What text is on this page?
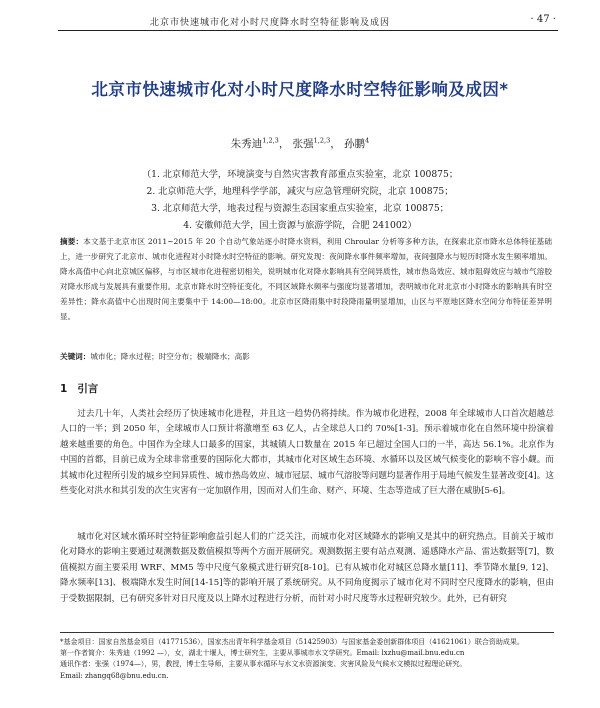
北京市快速城市化对小时尺度降水时空特征影响及成因	· 47 ·
北京市快速城市化对小时尺度降水时空特征影响及成因*
朱秀迪$^{1,2,3}$， 张强$^{1,2,3}$， 孙鹏$^4$
（1. 北京师范大学，环境演变与自然灾害教育部重点实验室，北京 100875；
2. 北京师范大学，地理科学学部，减灾与应急管理研究院，北京 100875；
3. 北京师范大学，地表过程与资源生态国家重点实验室，北京 100875；
4. 安徽师范大学，国土资源与旅游学院，合肥 241002）
摘要：本文基于北京市区 2011~2015 年 20 个自动气象站逐小时降水资料，利用 Chroular 分析等多种方法，在探索北京市降水总体特征基础上，进一步研究了北京市、城市化进程对小时降水时空特征的影响。研究发现：夜间降水事件频率增加，夜间强降水与短历时降水发生频率增加。降水高值中心向北京城区偏移，与市区城市化进程密切相关，说明城市化对降水影响具有空间异质性，城市热岛效应、城市阻碍效应与城市气溶胶对降水形成与发展具有重要作用。北京市降水时空特征变化，不同区域降水频率与强度均显著增加，表明城市化对北京市小时降水的影响具有时空差异性；降水高值中心出现时间主要集中于 14:00—18:00。北京市区降雨集中时段降雨量明显增加，山区与平原地区降水空间分布特征差异明显。
关键词：城市化；降水过程；时空分布；极端降水；高影
1 引言

过去几十年，人类社会经历了快速城市化进程，并且这一趋势仍将持续。作为城市化进程，2008 年全球城市人口首次超越总人口的一半；到 2050 年，全球城市人口预计将激增至 63 亿人，占全球总人口约 70%[1-3]。预示着城市化在自然环境中扮演着越来越重要的角色。中国作为全球人口最多的国家，其城镇人口数量在 2015 年已超过全国人口的一半，高达 56.1%。北京作为中国的首都，目前已成为全球非常重要的国际化大都市，其城市化对区域生态环境、水循环以及区域气候变化的影响不容小觑。而其城市化过程所引发的城乡空间异质性、城市热岛效应、城市冠层、城市气溶胶等问题均显著作用于局地气候发生显著改变[4]。这些变化对洪水和其引发的次生灾害有一定加剧作用，因而对人们生命、财产、环境、生态等造成了巨大潜在威胁[5-6]。

城市化对区域水循环时空特征影响愈益引起人们的广泛关注，而城市化对区域降水的影响又是其中的研究热点。目前关于城市化对降水的影响主要通过观测数据及数值模拟等两个方面开展研究。观测数据主要有站点观测、遥感降水产品、雷达数据等[7]，数值模拟方面主要采用 WRF、MM5 等中尺度气象模式进行研究[8-10]。已有从城市化对城区总降水量[11]、季节降水量[9, 12]、降水频率[13]、极端降水发生时间[14-15]等的影响开展了系统研究。从不同角度揭示了城市化对不同时空尺度降水的影响，但由于受数据限制，已有研究多针对日尺度及以上降水过程进行分析，而针对小时尺度等水过程研究较少。此外，已有研究

*基金项目：国家自然基金项目（41771536），国家杰出青年科学基金项目（51425903）与国家基金委创新群体项目（41621061）联合资助成果。
第一作者简介：朱秀迪（1992 —），女，湖北十堰人，博士研究生，主要从事城市水文学研究。Email: lxzhu@mail.bnu.edu.cn
通讯作者：张强（1974—），男，教授，博士生导师，主要从事水循环与水文水资源演变、灾害风险及气候水文模拟过程理论研究。
Email: zhangq68@bnu.edu.cn.
